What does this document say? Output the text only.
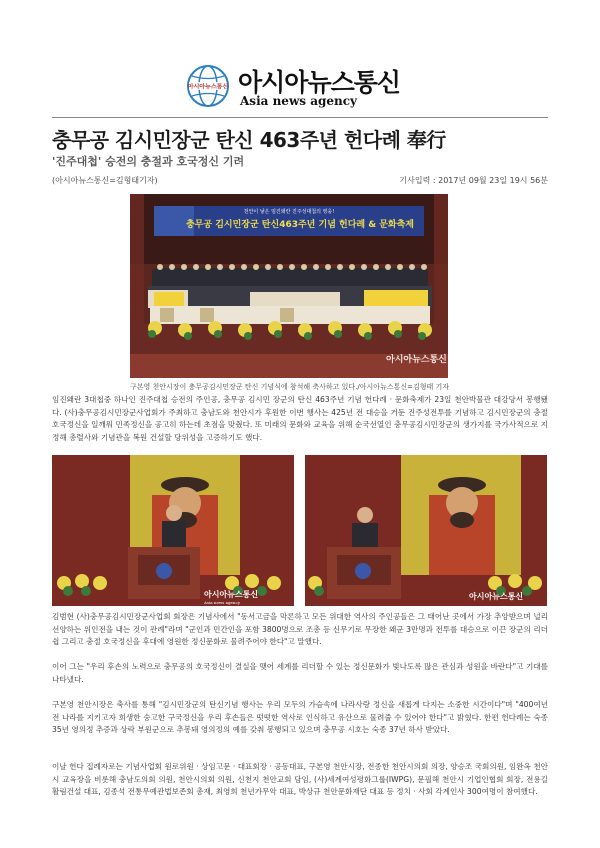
아시아뉴스통신 아시아뉴스통신
Asia news agency
충무공 김시민장군 탄신 463주년 헌다례 奉行
'진주대첩' 승전의 충절과 호국정신 기려
(아시아뉴스통신=김형태기자)	기사입력 : 2017년 09월 23일 19시 56분
천안이 낳은 임진왜란 진주성대첩의 영웅!
충무공 김시민장군 탄신463주년 기념 헌다례 & 문화축제
아시아뉴스통신
구본영 천안시장이 충무공김시민장군 탄신 기념식에 참석해 축사하고 있다./아시아뉴스통신=김형태 기자
임진왜란 3대첩중 하나인 진주대첩 승전의 주인공, 충무공 김시민 장군의 탄신 463주년 기념 헌다례 · 문화축제가 23일 천안박물관 대강당서 봉행됐다. (사)충무공김시민장군사업회가 주최하고 충남도와 천안시가 후원한 이번 행사는 425년 전 대승을 거둔 진주성전투를 기념하고 김시민장군의 충절 호국정신을 일깨워 민족정신을 공고히 하는데 초점을 맞췄다. 또 미래의 문화와 교육을 위해 순국선열인 충무공김시민장군의 생가지를 국가사적으로 지정해 총렬사와 기념관을 복원 건설할 당위성을 고증하기도 했다.
아시아뉴스통신
Asia news agency
아시아뉴스통신
김범현 (사)충무공김시민장군사업회 회장은 기념사에서 "동서고금을 막론하고 모든 위대한 역사의 주인공들은 그 태어난 곳에서 가장 추앙받으며 널리 선양하는 위인전을 내는 것이 관례"라며 "군인과 민간인을 포함 3800명으로 조총 등 신무기로 무장한 왜군 3만명과 전투를 대승으로 이끈 장군의 리더쉽 그리고 충절 호국정신을 후대에 영원한 정신문화로 물려주어야 한다"고 말했다.
이어 그는 "우리 후손의 노력으로 충무공의 호국정신이 결실을 맺어 세계를 리더할 수 있는 정신문화가 빛나도록 많은 관심과 성원을 바란다"고 기대를 나타냈다.
구본영 천안시장은 축사를 통해 "김시민장군의 탄신기념 행사는 우리 모두의 가슴속에 나라사랑 정신을 새롭게 다지는 소중한 시간이다"며 "400여년 전 나라를 지키고자 희생한 숭고한 구국정신을 우리 후손들은 떳떳한 역사로 인식하고 유산으로 물려줄 수 있어야 한다"고 밝혔다. 한편 헌다례는 숙종 35년 영의정 추증과 상락 부원군으로 추봉돼 영의정의 예를 갖춰 봉행되고 있으며 충무공 시호는 숙종 37년 하사 받았다.
이날 헌다 집례자로는 기념사업회 원로위원 · 상임고문 · 대표회장 · 공동대표, 구본영 천안시장, 전종한 천안시의회 의장, 양승조 국회의원, 임완옥 천안시 교육장을 비롯해 충남도의회 의원, 천안시의회 의원, 신천지 천안교회 담임, (사)세계여성평화그룹(IWPG), 문필해 천안시 기업인협회 회장, 전용길 활림건설 대표, 김종석 전통무예관법보존회 총재, 최영희 천년가무악 대표, 박상규 천안문화재단 대표 등 정치 · 사회 각계인사 300여명이 참여했다.
